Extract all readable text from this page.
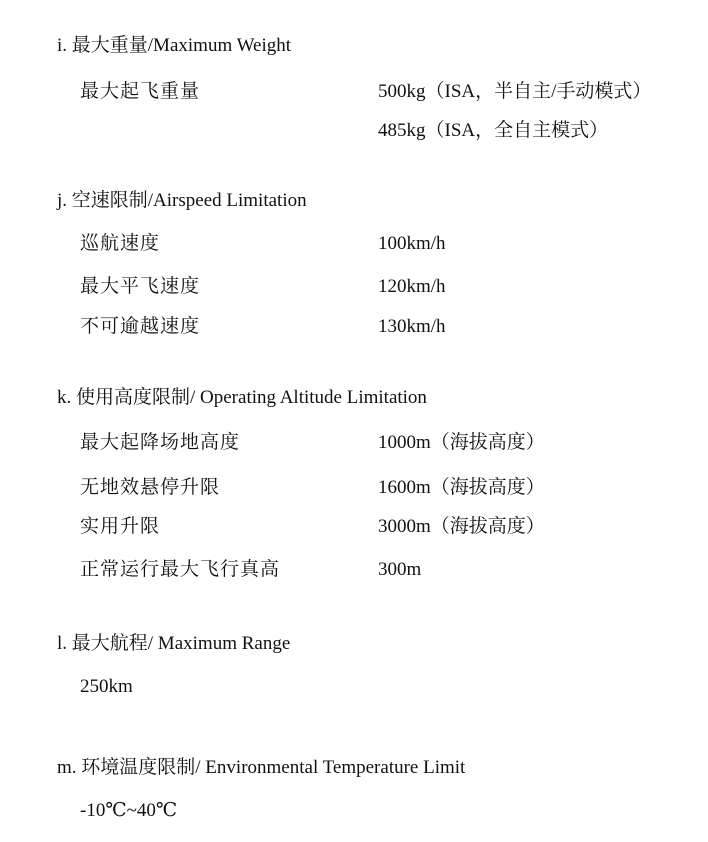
i. 最大重量/Maximum Weight
最大起飞重量	500kg（ISA，半自主/手动模式）
485kg（ISA，全自主模式）
j. 空速限制/Airspeed Limitation
巡航速度	100km/h
最大平飞速度	120km/h
不可逾越速度	130km/h
k. 使用高度限制/ Operating Altitude Limitation
最大起降场地高度	1000m（海拔高度）
无地效悬停升限	1600m（海拔高度）
实用升限	3000m（海拔高度）
正常运行最大飞行真高	300m
l. 最大航程/ Maximum Range
250km
m. 环境温度限制/ Environmental Temperature Limit
-10℃~40℃
